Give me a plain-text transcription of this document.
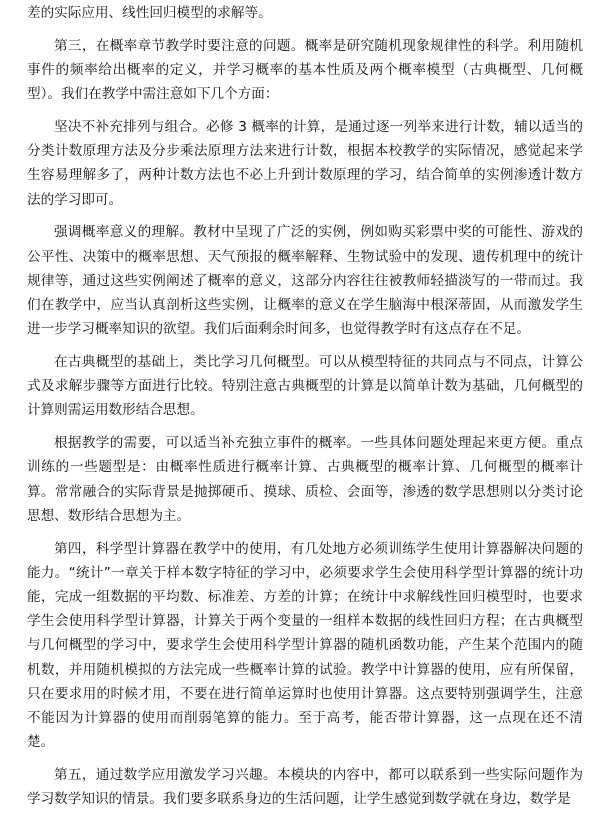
差的实际应用、线性回归模型的求解等。

第三，在概率章节教学时要注意的问题。概率是研究随机现象规律性的科学。利用随机事件的频率给出概率的定义，并学习概率的基本性质及两个概率模型（古典概型、几何概型）。我们在教学中需注意如下几个方面：

坚决不补充排列与组合。必修 3 概率的计算，是通过逐一列举来进行计数，辅以适当的分类计数原理方法及分步乘法原理方法来进行计数，根据本校教学的实际情况，感觉起来学生容易理解多了，两种计数方法也不必上升到计数原理的学习，结合简单的实例渗透计数方法的学习即可。

强调概率意义的理解。教材中呈现了广泛的实例，例如购买彩票中奖的可能性、游戏的公平性、决策中的概率思想、天气预报的概率解释、生物试验中的发现、遗传机理中的统计规律等，通过这些实例阐述了概率的意义，这部分内容往往被教师轻描淡写的一带而过。我们在教学中，应当认真剖析这些实例，让概率的意义在学生脑海中根深蒂固，从而激发学生进一步学习概率知识的欲望。我们后面剩余时间多，也觉得教学时有这点存在不足。

在古典概型的基础上，类比学习几何概型。可以从模型特征的共同点与不同点，计算公式及求解步骤等方面进行比较。特别注意古典概型的计算是以简单计数为基础，几何概型的计算则需运用数形结合思想。

根据教学的需要，可以适当补充独立事件的概率。一些具体问题处理起来更方便。重点训练的一些题型是：由概率性质进行概率计算、古典概型的概率计算、几何概型的概率计算。常常融合的实际背景是抛掷硬币、摸球、质检、会面等，渗透的数学思想则以分类讨论思想、数形结合思想为主。

第四，科学型计算器在教学中的使用，有几处地方必须训练学生使用计算器解决问题的能力。“统计”一章关于样本数字特征的学习中，必须要求学生会使用科学型计算器的统计功能，完成一组数据的平均数、标准差、方差的计算；在统计中求解线性回归模型时，也要求学生会使用科学型计算器，计算关于两个变量的一组样本数据的线性回归方程；在古典概型与几何概型的学习中，要求学生会使用科学型计算器的随机函数功能，产生某个范围内的随机数，并用随机模拟的方法完成一些概率计算的试验。教学中计算器的使用，应有所保留，只在要求用的时候才用，不要在进行简单运算时也使用计算器。这点要特别强调学生，注意不能因为计算器的使用而削弱笔算的能力。至于高考，能否带计算器，这一点现在还不清楚。

第五，通过数学应用激发学习兴趣。本模块的内容中，都可以联系到一些实际问题作为学习数学知识的情景。我们要多联系身边的生活问题，让学生感觉到数学就在身边，数学是
